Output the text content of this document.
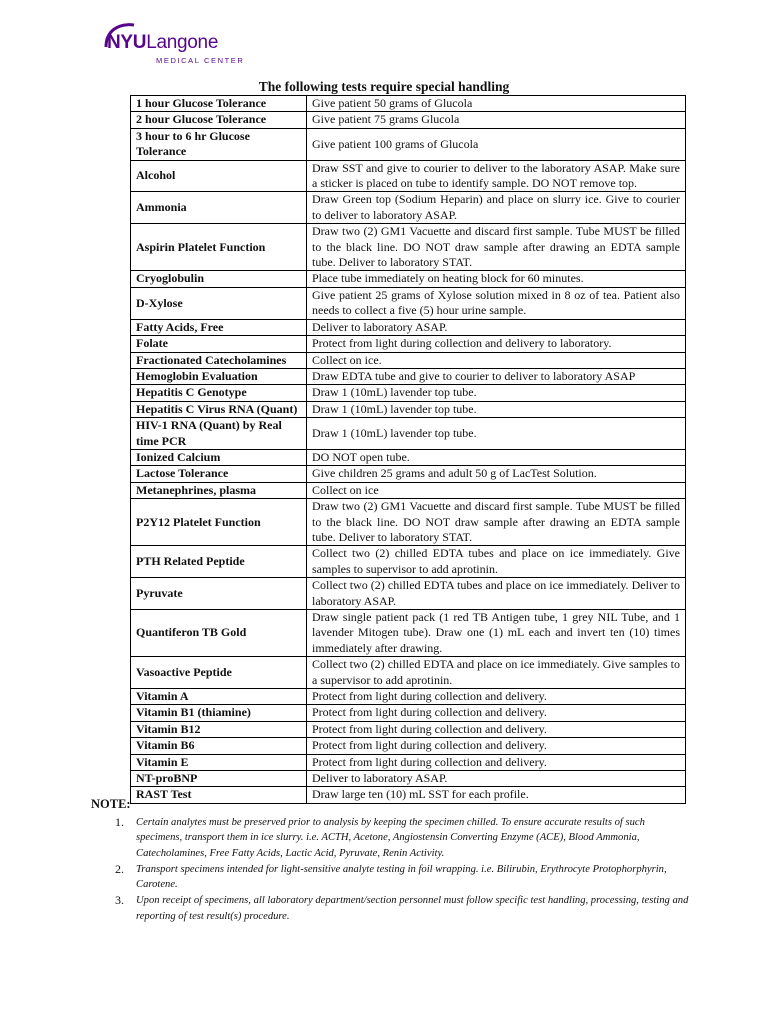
NYULangone
MEDICAL CENTER
The following tests require special handling
1 hour Glucose Tolerance	Give patient 50 grams of Glucola
2 hour Glucose Tolerance	Give patient 75 grams Glucola
3 hour to 6 hr Glucose Tolerance	Give patient 100 grams of Glucola
Alcohol	Draw SST and give to courier to deliver to the laboratory ASAP. Make sure a sticker is placed on tube to identify sample. DO NOT remove top.
Ammonia	Draw Green top (Sodium Heparin) and place on slurry ice. Give to courier to deliver to laboratory ASAP.
Aspirin Platelet Function	Draw two (2) GM1 Vacuette and discard first sample. Tube MUST be filled to the black line. DO NOT draw sample after drawing an EDTA sample tube. Deliver to laboratory STAT.
Cryoglobulin	Place tube immediately on heating block for 60 minutes.
D-Xylose	Give patient 25 grams of Xylose solution mixed in 8 oz of tea. Patient also needs to collect a five (5) hour urine sample.
Fatty Acids, Free	Deliver to laboratory ASAP.
Folate	Protect from light during collection and delivery to laboratory.
Fractionated Catecholamines	Collect on ice.
Hemoglobin Evaluation	Draw EDTA tube and give to courier to deliver to laboratory ASAP
Hepatitis C Genotype	Draw 1 (10mL) lavender top tube.
Hepatitis C Virus RNA (Quant)	Draw 1 (10mL) lavender top tube.
HIV-1 RNA (Quant) by Real time PCR	Draw 1 (10mL) lavender top tube.
Ionized Calcium	DO NOT open tube.
Lactose Tolerance	Give children 25 grams and adult 50 g of LacTest Solution.
Metanephrines, plasma	Collect on ice
P2Y12 Platelet Function	Draw two (2) GM1 Vacuette and discard first sample. Tube MUST be filled to the black line. DO NOT draw sample after drawing an EDTA sample tube. Deliver to laboratory STAT.
PTH Related Peptide	Collect two (2) chilled EDTA tubes and place on ice immediately. Give samples to supervisor to add aprotinin.
Pyruvate	Collect two (2) chilled EDTA tubes and place on ice immediately. Deliver to laboratory ASAP.
Quantiferon TB Gold	Draw single patient pack (1 red TB Antigen tube, 1 grey NIL Tube, and 1 lavender Mitogen tube). Draw one (1) mL each and invert ten (10) times immediately after drawing.
Vasoactive Peptide	Collect two (2) chilled EDTA and place on ice immediately. Give samples to a supervisor to add aprotinin.
Vitamin A	Protect from light during collection and delivery.
Vitamin B1 (thiamine)	Protect from light during collection and delivery.
Vitamin B12	Protect from light during collection and delivery.
Vitamin B6	Protect from light during collection and delivery.
Vitamin E	Protect from light during collection and delivery.
NT-proBNP	Deliver to laboratory ASAP.
RAST Test	Draw large ten (10) mL SST for each profile.
NOTE:
1. Certain analytes must be preserved prior to analysis by keeping the specimen chilled. To ensure accurate results of such specimens, transport them in ice slurry. i.e. ACTH, Acetone, Angiostensin Converting Enzyme (ACE), Blood Ammonia, Catecholamines, Free Fatty Acids, Lactic Acid, Pyruvate, Renin Activity.
2. Transport specimens intended for light-sensitive analyte testing in foil wrapping. i.e. Bilirubin, Erythrocyte Protophorphyrin, Carotene.
3. Upon receipt of specimens, all laboratory department/section personnel must follow specific test handling, processing, testing and reporting of test result(s) procedure.
